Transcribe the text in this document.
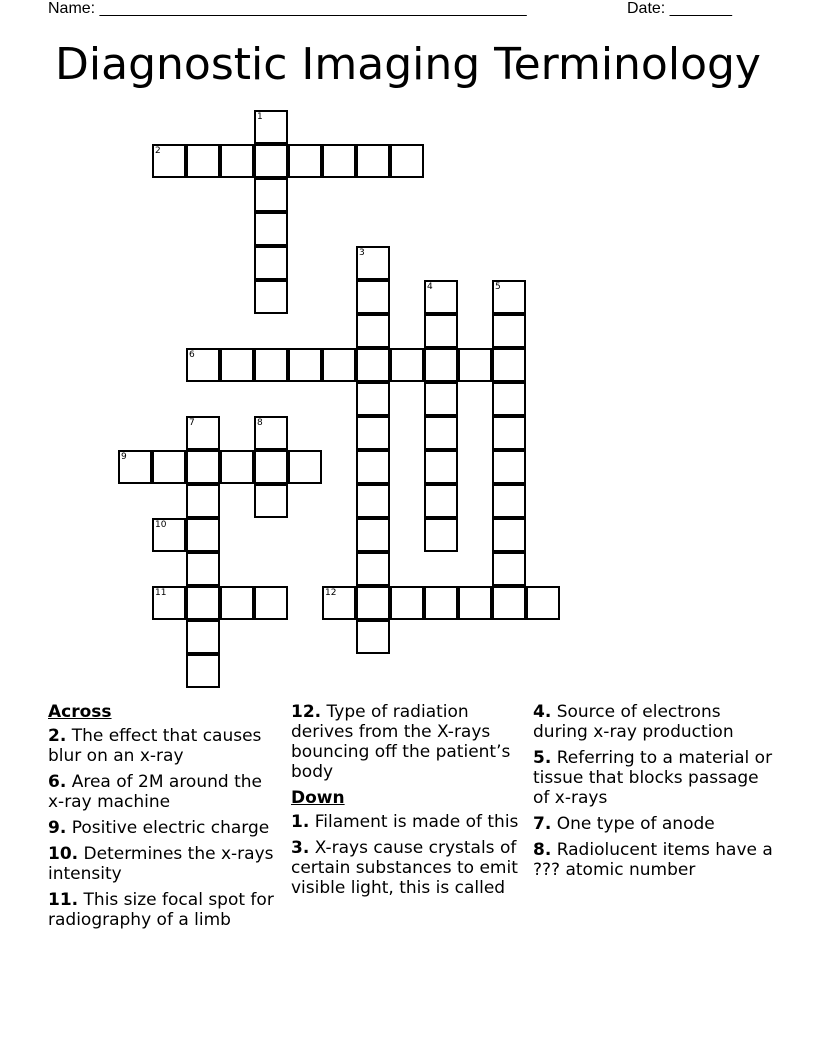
Name: ________________________________________________	Date: _______
Diagnostic Imaging Terminology
1
2
3
4	5
6
7	8
9
10
11	12
Across
2. The effect that causes blur on an x-ray
6. Area of 2M around the x-ray machine
9. Positive electric charge
10. Determines the x-rays intensity
11. This size focal spot for radiography of a limb
12. Type of radiation derives from the X-rays bouncing off the patient’s body
Down
1. Filament is made of this
3. X-rays cause crystals of certain substances to emit visible light, this is called
4. Source of electrons during x-ray production
5. Referring to a material or tissue that blocks passage of x-rays
7. One type of anode
8. Radiolucent items have a ??? atomic number
